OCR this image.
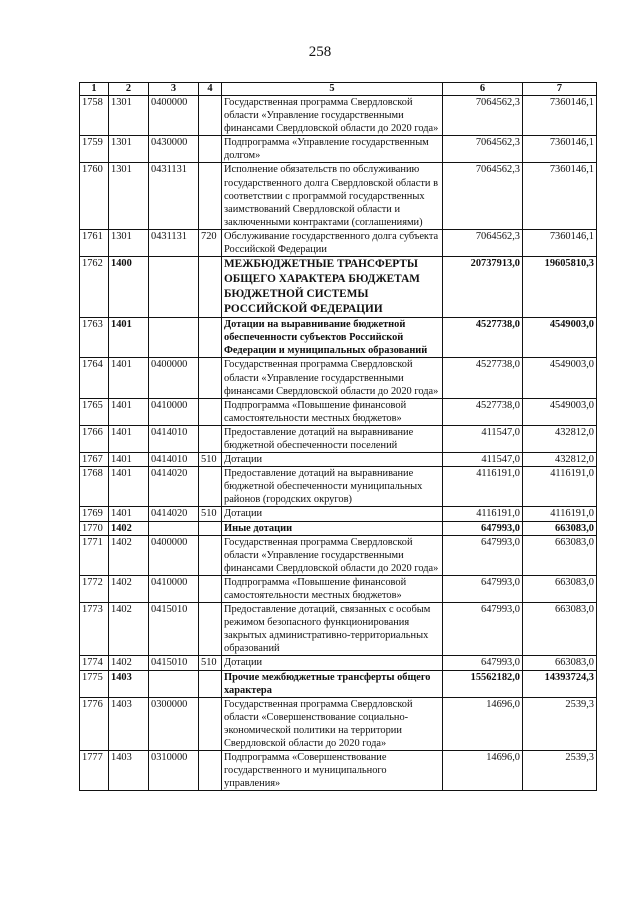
258
1	2	3	4	5	6	7
1758	1301	0400000		Государственная программа Свердловской области «Управление государственными финансами Свердловской области до 2020 года»	7064562,3	7360146,1
1759	1301	0430000		Подпрограмма «Управление государственным долгом»	7064562,3	7360146,1
1760	1301	0431131		Исполнение обязательств по обслуживанию государственного долга Свердловской области в соответствии с программой государственных заимствований Свердловской области и заключенными контрактами (соглашениями)	7064562,3	7360146,1
1761	1301	0431131	720	Обслуживание государственного долга субъекта Российской Федерации	7064562,3	7360146,1
1762	1400			МЕЖБЮДЖЕТНЫЕ ТРАНСФЕРТЫ ОБЩЕГО ХАРАКТЕРА БЮДЖЕТАМ БЮДЖЕТНОЙ СИСТЕМЫ РОССИЙСКОЙ ФЕДЕРАЦИИ	20737913,0	19605810,3
1763	1401			Дотации на выравнивание бюджетной обеспеченности субъектов Российской Федерации и муниципальных образований	4527738,0	4549003,0
1764	1401	0400000		Государственная программа Свердловской области «Управление государственными финансами Свердловской области до 2020 года»	4527738,0	4549003,0
1765	1401	0410000		Подпрограмма «Повышение финансовой самостоятельности местных бюджетов»	4527738,0	4549003,0
1766	1401	0414010		Предоставление дотаций на выравнивание бюджетной обеспеченности поселений	411547,0	432812,0
1767	1401	0414010	510	Дотации	411547,0	432812,0
1768	1401	0414020		Предоставление дотаций на выравнивание бюджетной обеспеченности муниципальных районов (городских округов)	4116191,0	4116191,0
1769	1401	0414020	510	Дотации	4116191,0	4116191,0
1770	1402			Иные дотации	647993,0	663083,0
1771	1402	0400000		Государственная программа Свердловской области «Управление государственными финансами Свердловской области до 2020 года»	647993,0	663083,0
1772	1402	0410000		Подпрограмма «Повышение финансовой самостоятельности местных бюджетов»	647993,0	663083,0
1773	1402	0415010		Предоставление дотаций, связанных с особым режимом безопасного функционирования закрытых административно-территориальных образований	647993,0	663083,0
1774	1402	0415010	510	Дотации	647993,0	663083,0
1775	1403			Прочие межбюджетные трансферты общего характера	15562182,0	14393724,3
1776	1403	0300000		Государственная программа Свердловской области «Совершенствование социально-экономической политики на территории Свердловской области до 2020 года»	14696,0	2539,3
1777	1403	0310000		Подпрограмма «Совершенствование государственного и муниципального управления»	14696,0	2539,3
